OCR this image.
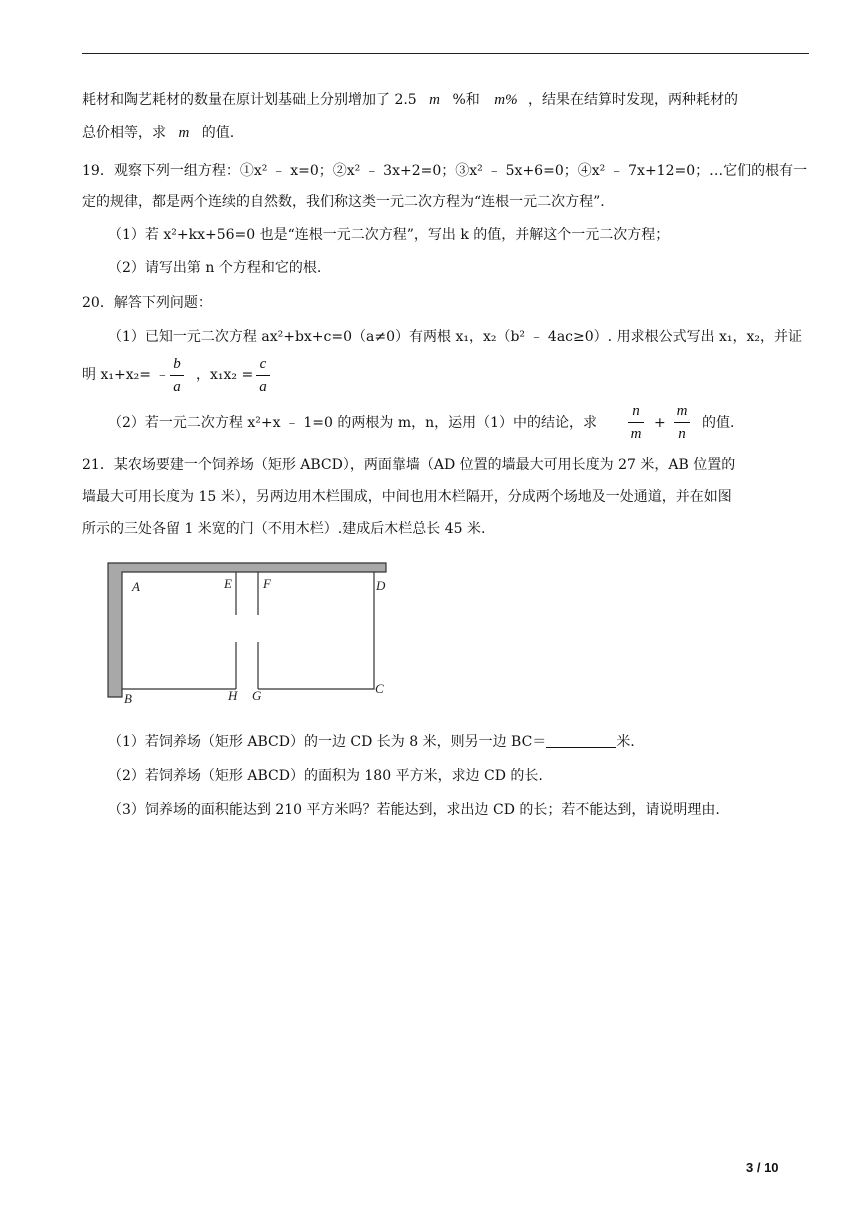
耗材和陶艺耗材的数量在原计划基础上分别增加了 2.5 m %和 m% ，结果在结算时发现，两种耗材的
总价相等，求 m 的值.
19．观察下列一组方程：①x² ﹣ x=0；②x² ﹣ 3x+2=0；③x² ﹣ 5x+6=0；④x² ﹣ 7x+12=0；…它们的根有一
定的规律，都是两个连续的自然数，我们称这类一元二次方程为“连根一元二次方程”.
（1）若 x²+kx+56=0 也是“连根一元二次方程”，写出 k 的值，并解这个一元二次方程；
（2）请写出第 n 个方程和它的根.
20．解答下列问题：
（1）已知一元二次方程 ax²+bx+c=0（a≠0）有两根 x₁，x₂（b² ﹣ 4ac≥0）. 用求根公式写出 x₁，x₂，并证
明 x₁+x₂= ﹣
b
a
，x₁x₂ =
c
a
（2）若一元二次方程 x²+x ﹣ 1=0 的两根为 m，n，运用（1）中的结论，求
n
m
+
m
n
的值.
21．某农场要建一个饲养场（矩形 ABCD），两面靠墙（AD 位置的墙最大可用长度为 27 米，AB 位置的
墙最大可用长度为 15 米），另两边用木栏围成，中间也用木栏隔开，分成两个场地及一处通道，并在如图
所示的三处各留 1 米宽的门（不用木栏）.建成后木栏总长 45 米.
A	E F	D
B	H G	C
（1）若饲养场（矩形 ABCD）的一边 CD 长为 8 米，则另一边 BC＝	米.
（2）若饲养场（矩形 ABCD）的面积为 180 平方米，求边 CD 的长.
（3）饲养场的面积能达到 210 平方米吗？若能达到，求出边 CD 的长；若不能达到，请说明理由.
3 / 10
